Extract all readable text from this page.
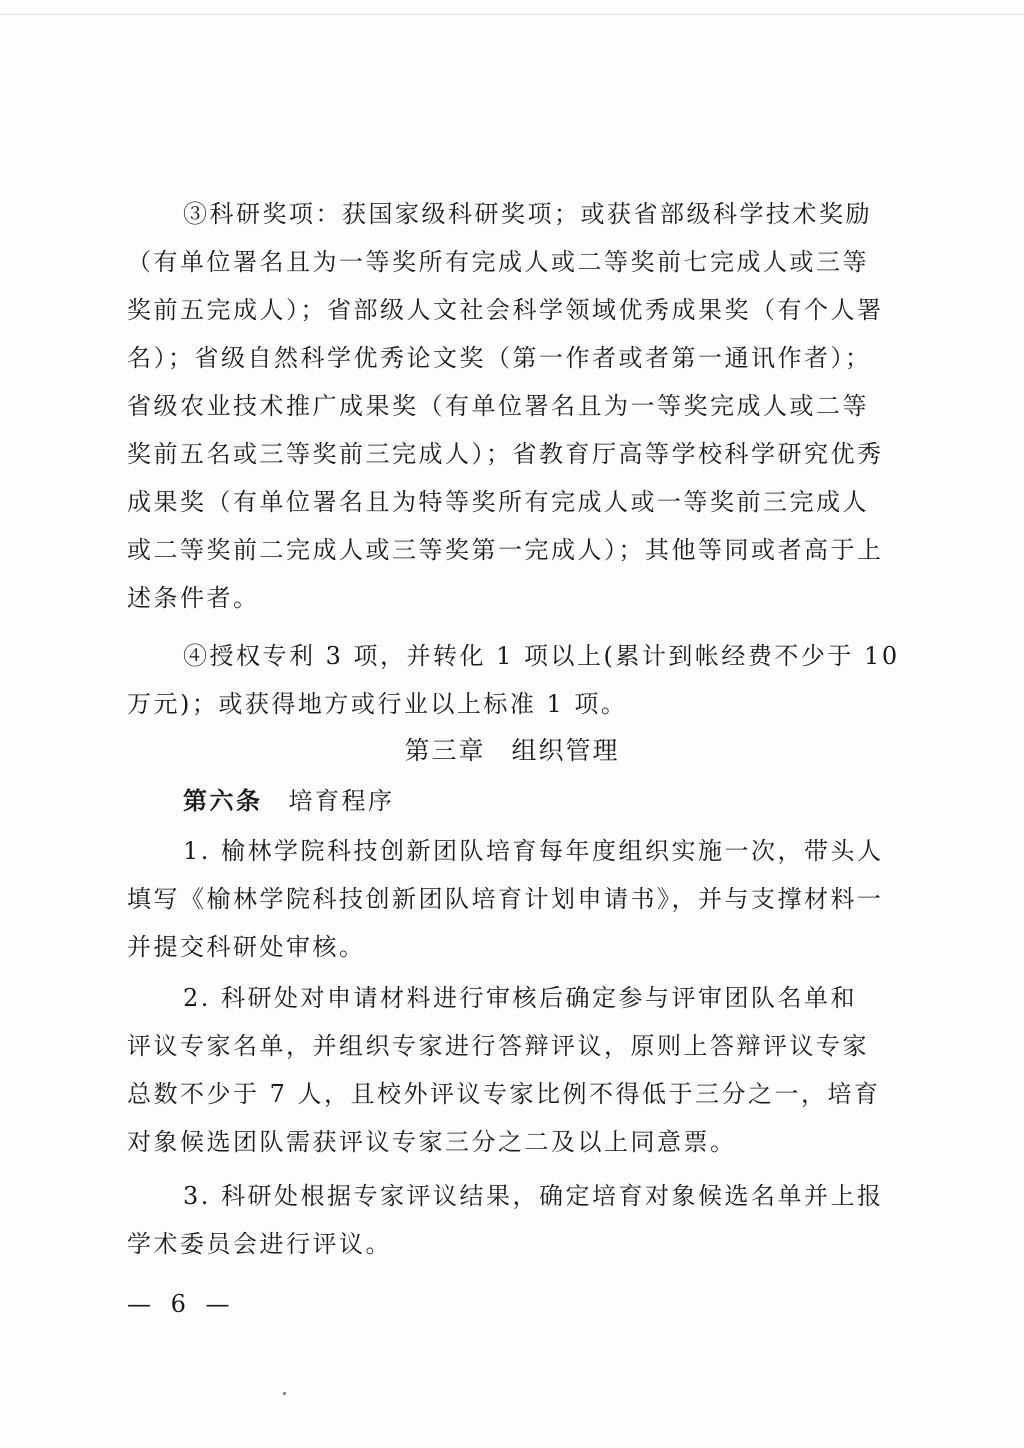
③科研奖项：获国家级科研奖项；或获省部级科学技术奖励
（有单位署名且为一等奖所有完成人或二等奖前七完成人或三等
奖前五完成人）；省部级人文社会科学领域优秀成果奖（有个人署
名）；省级自然科学优秀论文奖（第一作者或者第一通讯作者）；
省级农业技术推广成果奖（有单位署名且为一等奖完成人或二等
奖前五名或三等奖前三完成人）；省教育厅高等学校科学研究优秀
成果奖（有单位署名且为特等奖所有完成人或一等奖前三完成人
或二等奖前二完成人或三等奖第一完成人）；其他等同或者高于上
述条件者。
④授权专利 3 项，并转化 1 项以上(累计到帐经费不少于 10
万元)；或获得地方或行业以上标准 1 项。
第三章 组织管理
第六条 培育程序
1. 榆林学院科技创新团队培育每年度组织实施一次，带头人
填写《榆林学院科技创新团队培育计划申请书》，并与支撑材料一
并提交科研处审核。
2. 科研处对申请材料进行审核后确定参与评审团队名单和
评议专家名单，并组织专家进行答辩评议，原则上答辩评议专家
总数不少于 7 人，且校外评议专家比例不得低于三分之一，培育
对象候选团队需获评议专家三分之二及以上同意票。
3. 科研处根据专家评议结果，确定培育对象候选名单并上报
学术委员会进行评议。
— 6 —
